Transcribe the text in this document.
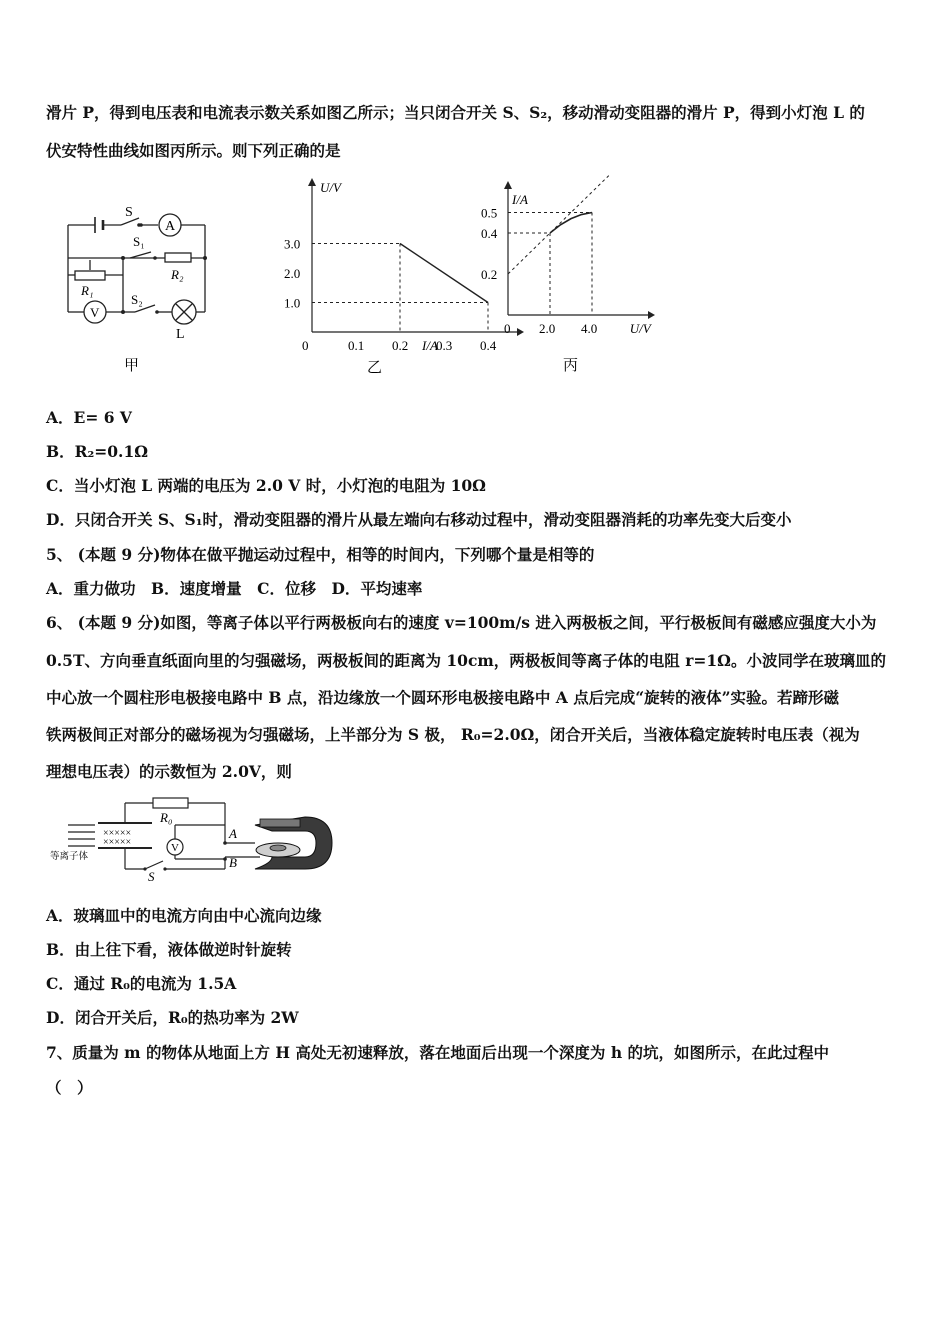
滑片 P，得到电压表和电流表示数关系如图乙所示；当只闭合开关 S、S₂，移动滑动变阻器的滑片 P，得到小灯泡 L 的
伏安特性曲线如图丙所示。则下列正确的是
S
A
S₁
R₂
R₁
S₂
V
L
甲
0	0.1 0.2 0.3 0.4
1.0
2.0
3.0
I/A
U/V
乙
0 2.0 4.0
0.2
0.4
0.5
U/V
I/A
丙
A．E= 6 V
B．R₂=0.1Ω
C．当小灯泡 L 两端的电压为 2.0 V 时，小灯泡的电阻为 10Ω
D．只闭合开关 S、S₁时，滑动变阻器的滑片从最左端向右移动过程中，滑动变阻器消耗的功率先变大后变小
5、 (本题 9 分)物体在做平抛运动过程中，相等的时间内，下列哪个量是相等的
A．重力做功　B．速度增量　C．位移　D．平均速率
6、 (本题 9 分)如图，等离子体以平行两极板向右的速度 v=100m/s 进入两极板之间，平行极板间有磁感应强度大小为
0.5T、方向垂直纸面向里的匀强磁场，两极板间的距离为 10cm，两极板间等离子体的电阻 r=1Ω。小波同学在玻璃皿的
中心放一个圆柱形电极接电路中 B 点，沿边缘放一个圆环形电极接电路中 A 点后完成“旋转的液体”实验。若蹄形磁
铁两极间正对部分的磁场视为匀强磁场，上半部分为 S 极， R₀=2.0Ω，闭合开关后，当液体稳定旋转时电压表（视为
理想电压表）的示数恒为 2.0V，则
×××××
×××××
等离子体
R₀
V
A
B
S
A．玻璃皿中的电流方向由中心流向边缘
B．由上往下看，液体做逆时针旋转
C．通过 R₀的电流为 1.5A
D．闭合开关后，R₀的热功率为 2W
7、质量为 m 的物体从地面上方 H 高处无初速释放，落在地面后出现一个深度为 h 的坑，如图所示，在此过程中
（　）
